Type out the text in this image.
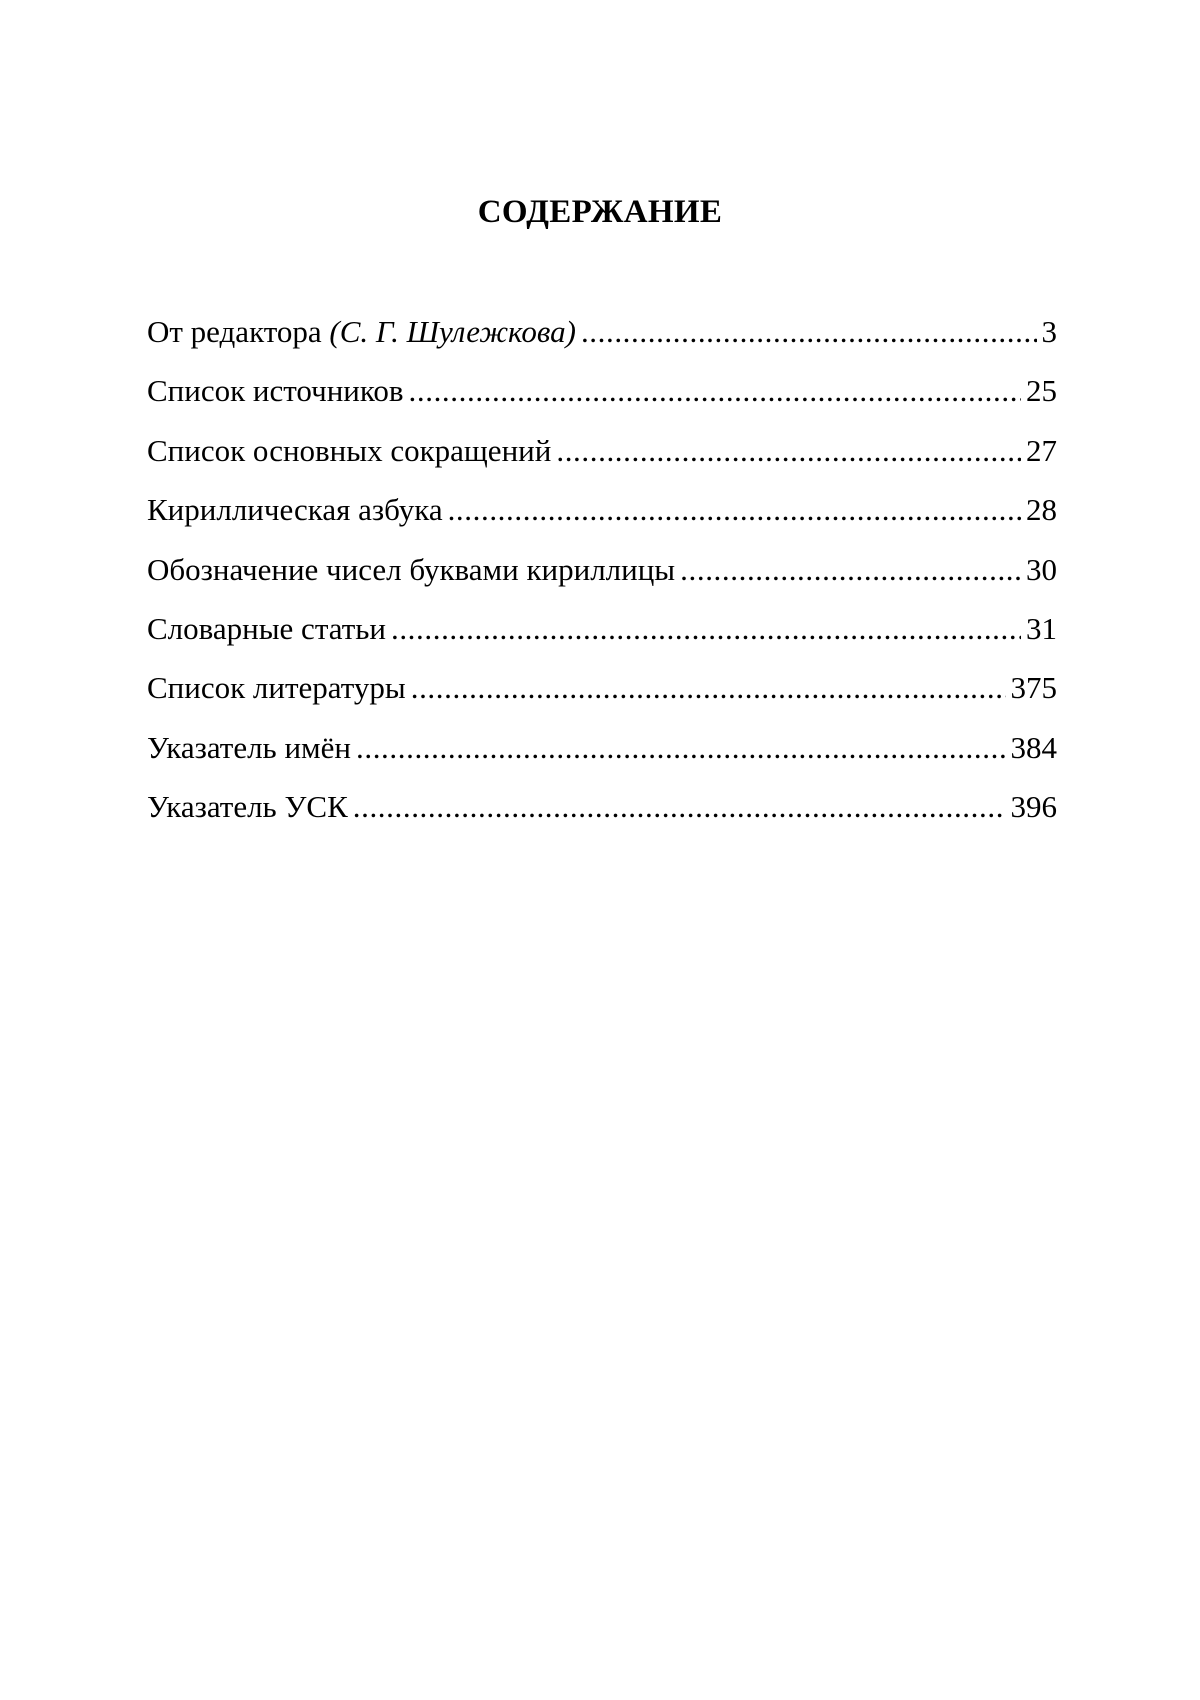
СОДЕРЖАНИЕ
От редактора (С. Г. Шулежкова) .....	3
Список источников .....	25
Список основных сокращений .....	27
Кириллическая азбука .....	28
Обозначение чисел буквами кириллицы .....	30
Словарные статьи .....	31
Список литературы .....	375
Указатель имён .....	384
Указатель УСК .....	396
